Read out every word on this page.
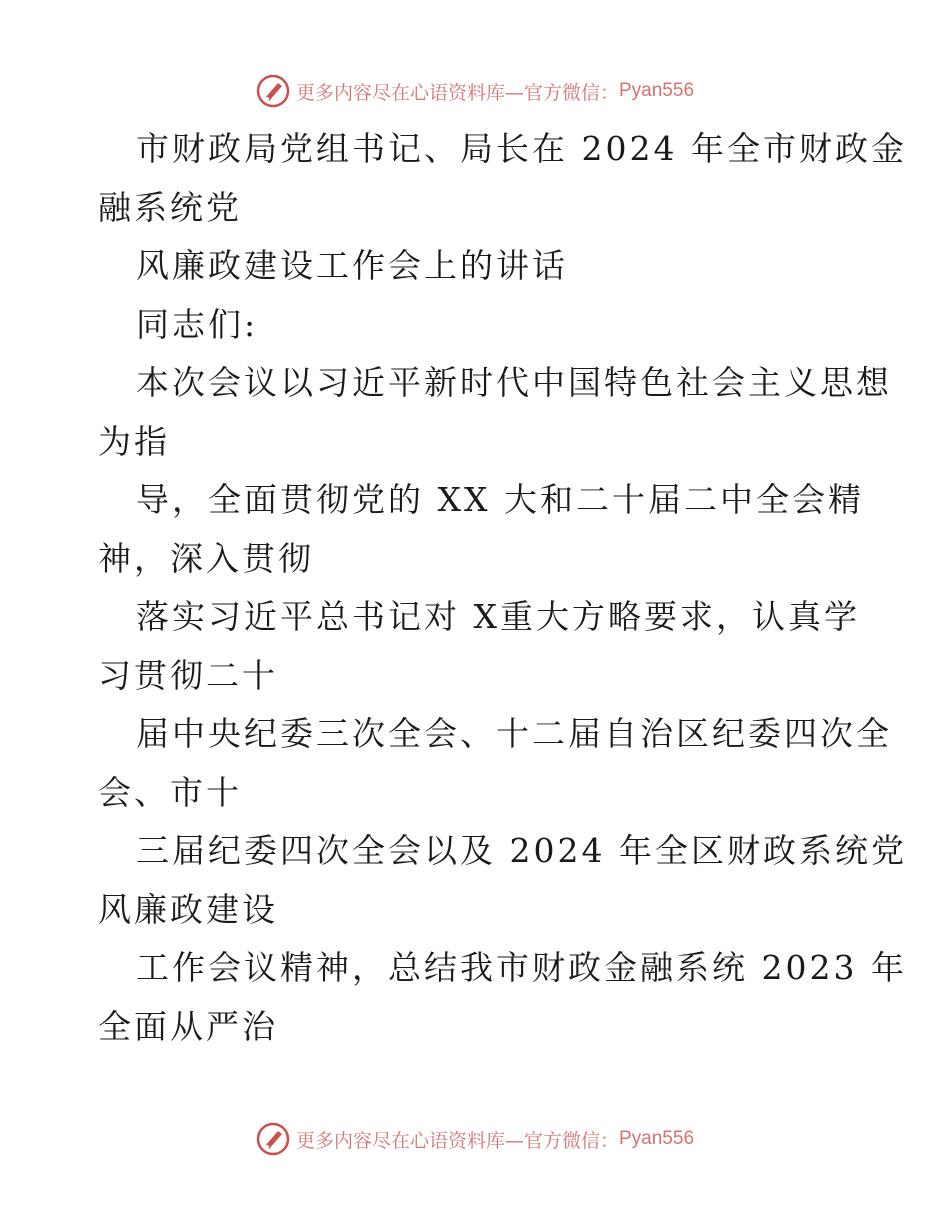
更多内容尽在心语资料库—官方微信： Pyan556
市财政局党组书记、局长在 2024 年全市财政金
融系统党
风廉政建设工作会上的讲话
同志们:
本次会议以习近平新时代中国特色社会主义思想
为指
导，全面贯彻党的 XX 大和二十届二中全会精
神，深入贯彻
落实习近平总书记对 X重大方略要求，认真学
习贯彻二十
届中央纪委三次全会、十二届自治区纪委四次全
会、市十
三届纪委四次全会以及 2024 年全区财政系统党
风廉政建设
工作会议精神，总结我市财政金融系统 2023 年
全面从严治
更多内容尽在心语资料库—官方微信： Pyan556
